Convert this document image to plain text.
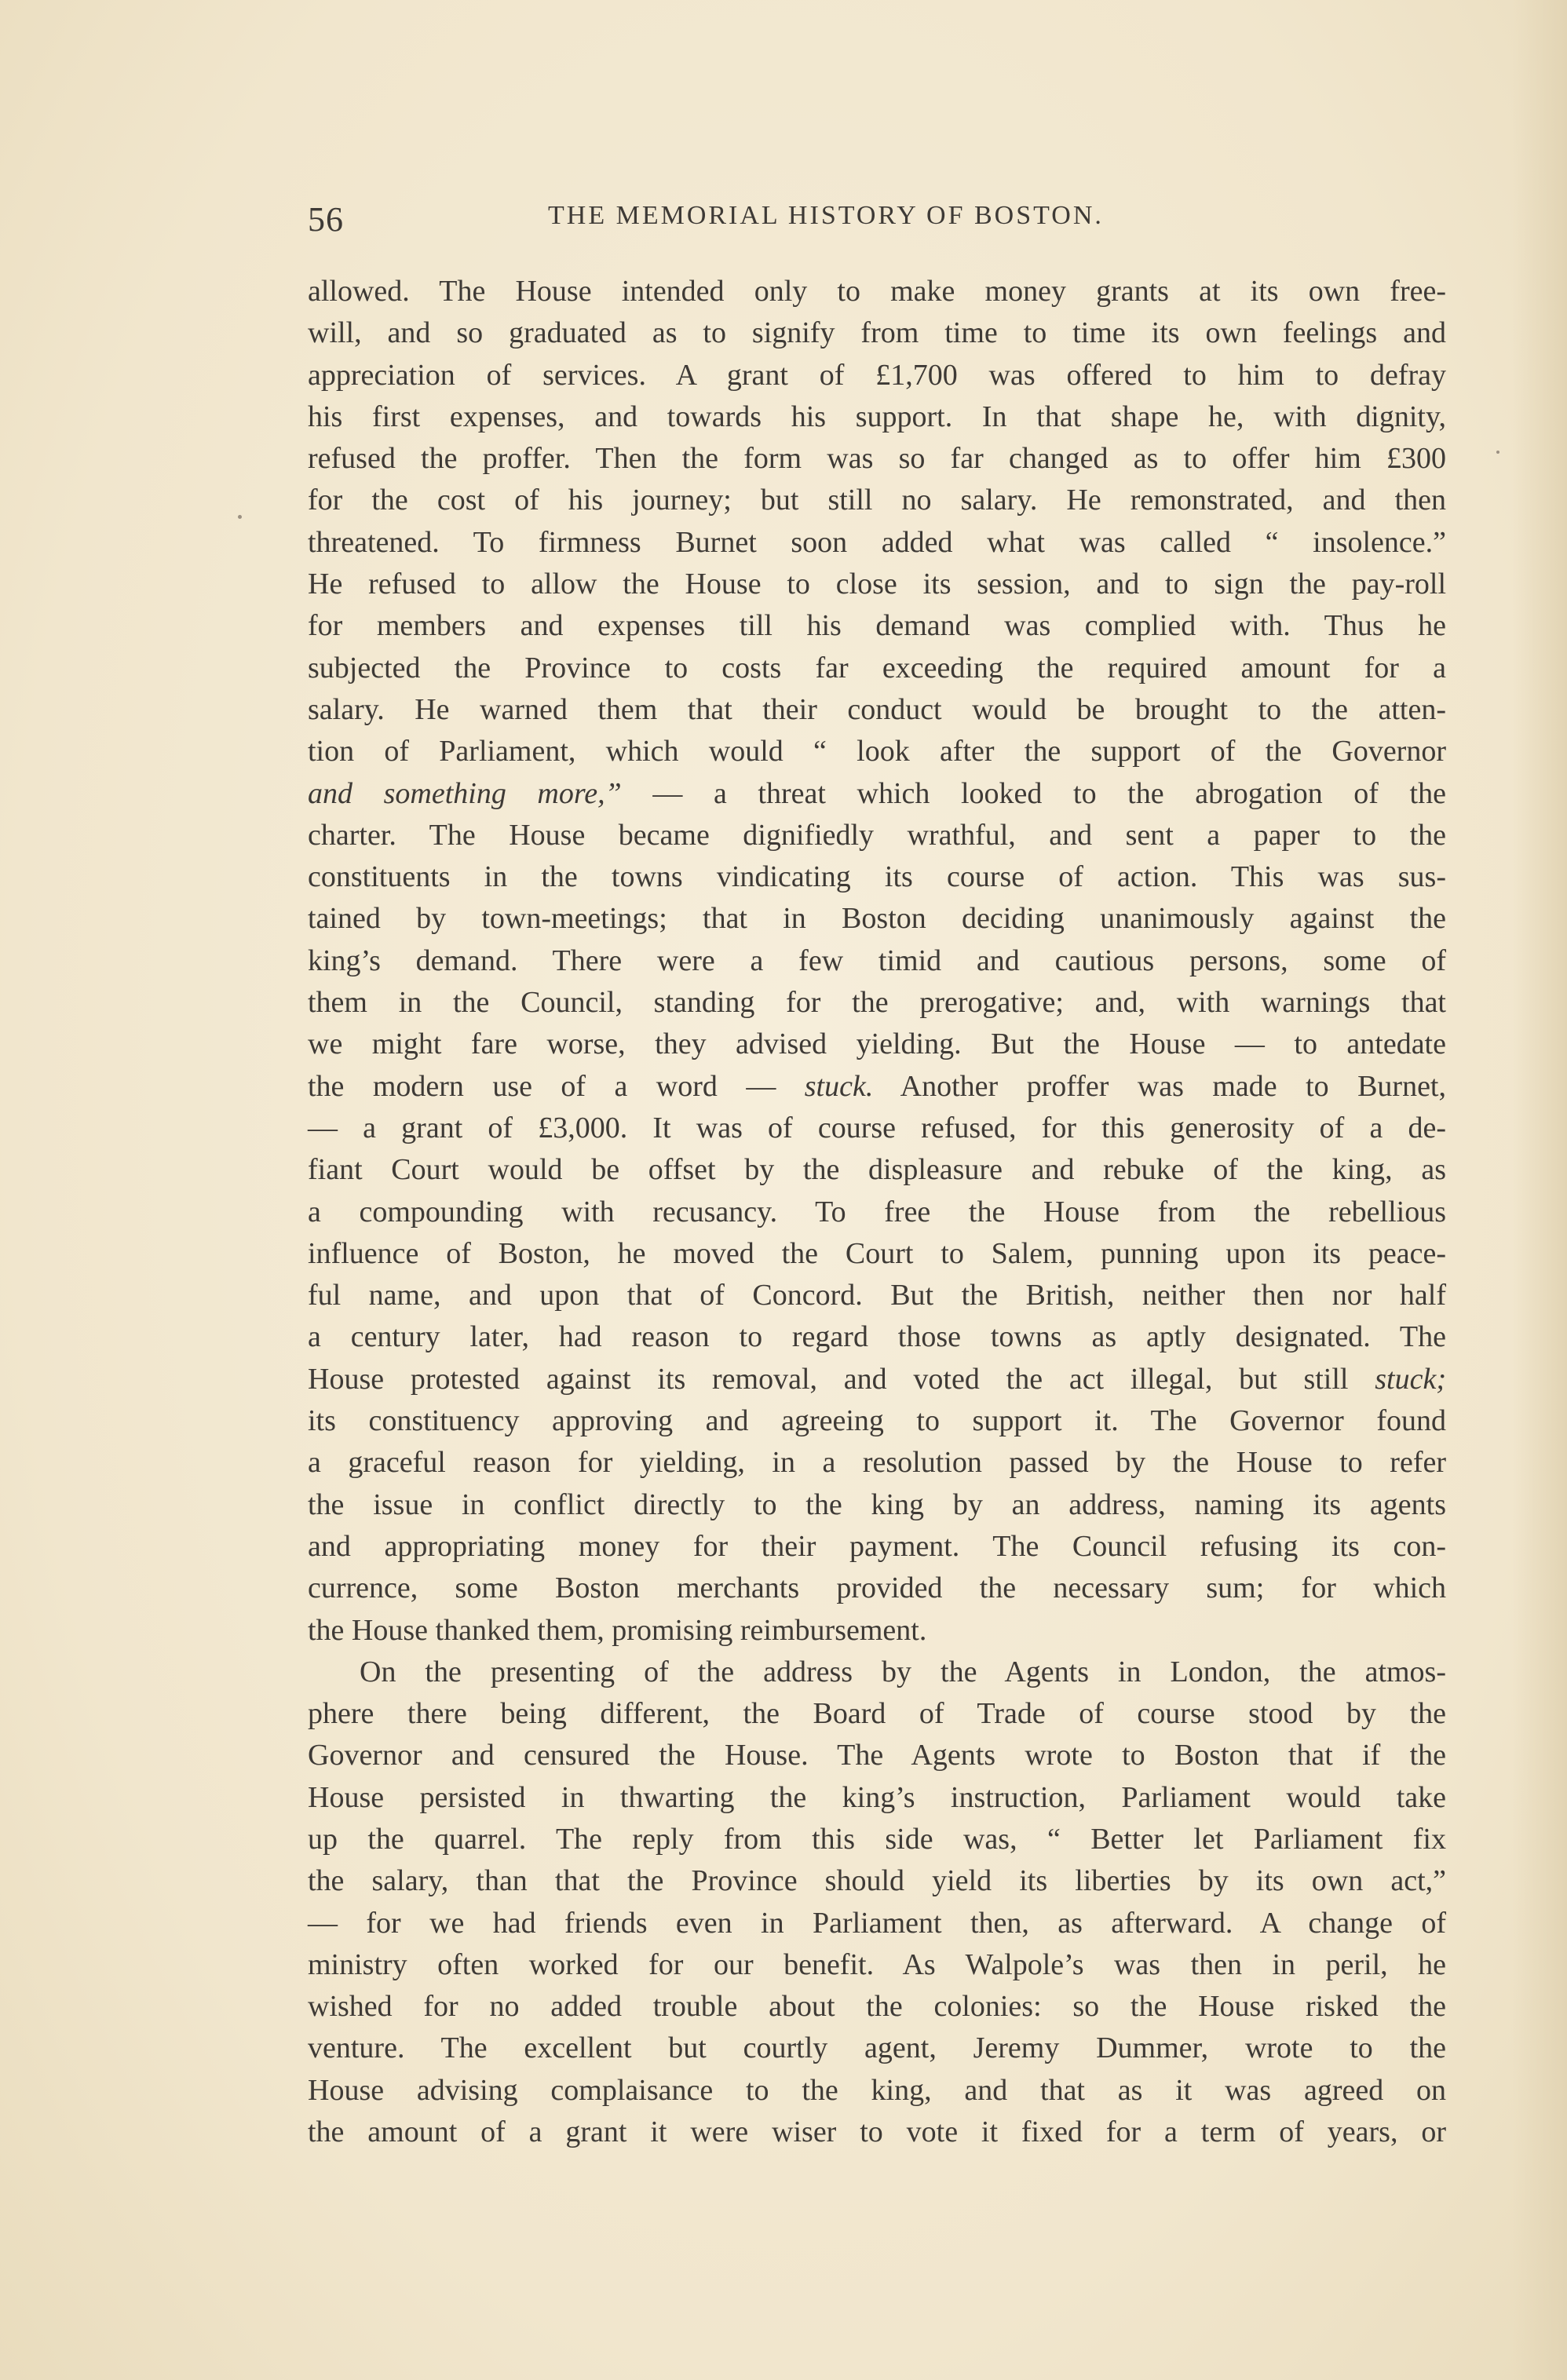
56	THE MEMORIAL HISTORY OF BOSTON.
allowed. The House intended only to make money grants at its own free-
will, and so graduated as to signify from time to time its own feelings and
appreciation of services. A grant of £1,700 was offered to him to defray
his first expenses, and towards his support. In that shape he, with dignity,
refused the proffer. Then the form was so far changed as to offer him £300
for the cost of his journey; but still no salary. He remonstrated, and then
threatened. To firmness Burnet soon added what was called “ insolence.”
He refused to allow the House to close its session, and to sign the pay-roll
for members and expenses till his demand was complied with. Thus he
subjected the Province to costs far exceeding the required amount for a
salary. He warned them that their conduct would be brought to the atten-
tion of Parliament, which would “ look after the support of the Governor
and something more,” — a threat which looked to the abrogation of the
charter. The House became dignifiedly wrathful, and sent a paper to the
constituents in the towns vindicating its course of action. This was sus-
tained by town-meetings; that in Boston deciding unanimously against the
king’s demand. There were a few timid and cautious persons, some of
them in the Council, standing for the prerogative; and, with warnings that
we might fare worse, they advised yielding. But the House — to antedate
the modern use of a word — stuck. Another proffer was made to Burnet,
— a grant of £3,000. It was of course refused, for this generosity of a de-
fiant Court would be offset by the displeasure and rebuke of the king, as
a compounding with recusancy. To free the House from the rebellious
influence of Boston, he moved the Court to Salem, punning upon its peace-
ful name, and upon that of Concord. But the British, neither then nor half
a century later, had reason to regard those towns as aptly designated. The
House protested against its removal, and voted the act illegal, but still stuck;
its constituency approving and agreeing to support it. The Governor found
a graceful reason for yielding, in a resolution passed by the House to refer
the issue in conflict directly to the king by an address, naming its agents
and appropriating money for their payment. The Council refusing its con-
currence, some Boston merchants provided the necessary sum; for which
the House thanked them, promising reimbursement.
On the presenting of the address by the Agents in London, the atmos-
phere there being different, the Board of Trade of course stood by the
Governor and censured the House. The Agents wrote to Boston that if the
House persisted in thwarting the king’s instruction, Parliament would take
up the quarrel. The reply from this side was, “ Better let Parliament fix
the salary, than that the Province should yield its liberties by its own act,”
— for we had friends even in Parliament then, as afterward. A change of
ministry often worked for our benefit. As Walpole’s was then in peril, he
wished for no added trouble about the colonies: so the House risked the
venture. The excellent but courtly agent, Jeremy Dummer, wrote to the
House advising complaisance to the king, and that as it was agreed on
the amount of a grant it were wiser to vote it fixed for a term of years, or
